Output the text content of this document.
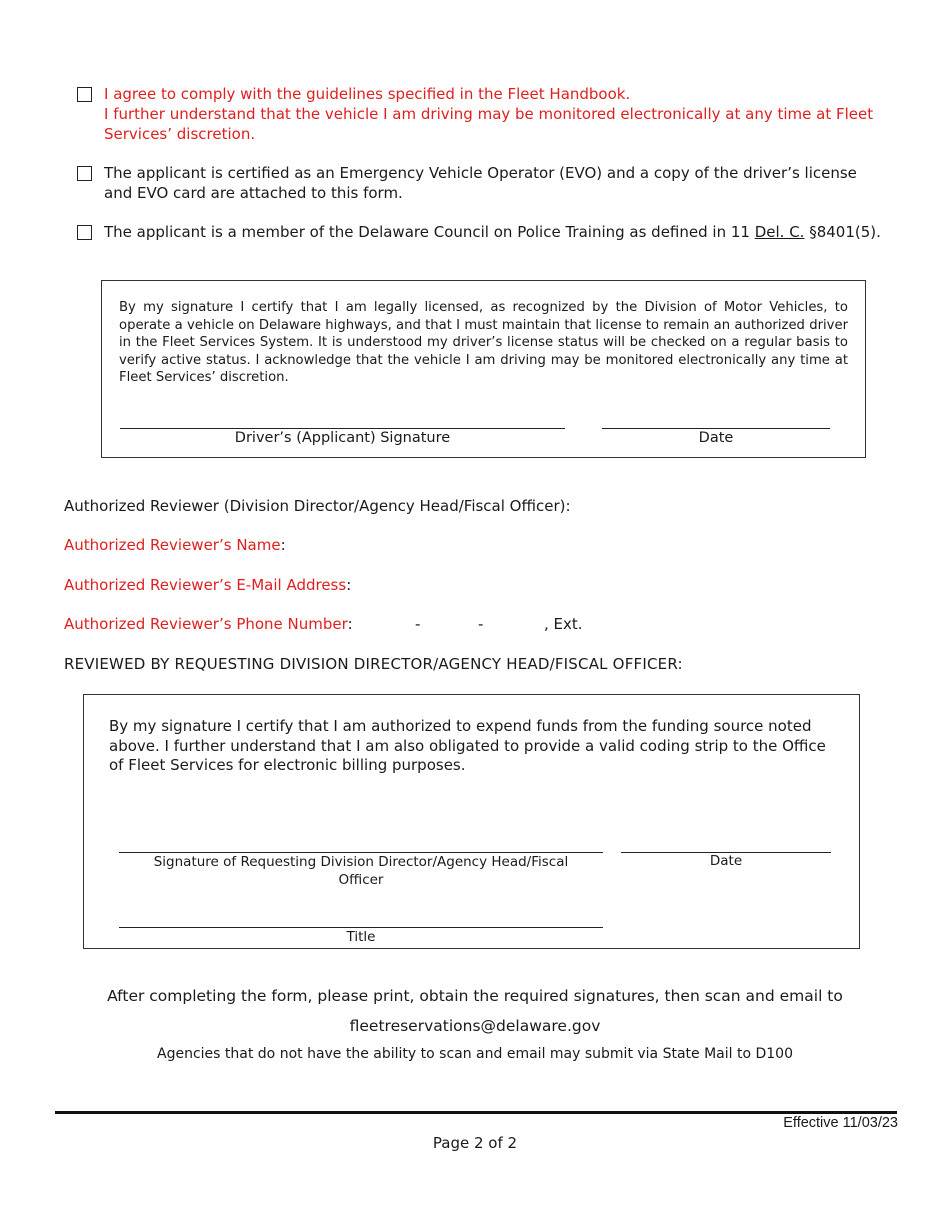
I agree to comply with the guidelines specified in the Fleet Handbook.
I further understand that the vehicle I am driving may be monitored electronically at any time at Fleet Services’ discretion.
The applicant is certified as an Emergency Vehicle Operator (EVO) and a copy of the driver’s license and EVO card are attached to this form.
The applicant is a member of the Delaware Council on Police Training as defined in 11 Del. C. §8401(5).
By my signature I certify that I am legally licensed, as recognized by the Division of Motor Vehicles, to operate a vehicle on Delaware highways, and that I must maintain that license to remain an authorized driver in the Fleet Services System. It is understood my driver’s license status will be checked on a regular basis to verify active status. I acknowledge that the vehicle I am driving may be monitored electronically any time at Fleet Services’ discretion.
Driver’s (Applicant) Signature	Date
Authorized Reviewer (Division Director/Agency Head/Fiscal Officer):
Authorized Reviewer’s Name:
Authorized Reviewer’s E-Mail Address:
Authorized Reviewer’s Phone Number:	-	-	, Ext.
REVIEWED BY REQUESTING DIVISION DIRECTOR/AGENCY HEAD/FISCAL OFFICER:
By my signature I certify that I am authorized to expend funds from the funding source noted above. I further understand that I am also obligated to provide a valid coding strip to the Office of Fleet Services for electronic billing purposes.
Signature of Requesting Division Director/Agency Head/Fiscal Officer
Date
Title
After completing the form, please print, obtain the required signatures, then scan and email to
fleetreservations@delaware.gov
Agencies that do not have the ability to scan and email may submit via State Mail to D100
Effective 11/03/23
Page 2 of 2
